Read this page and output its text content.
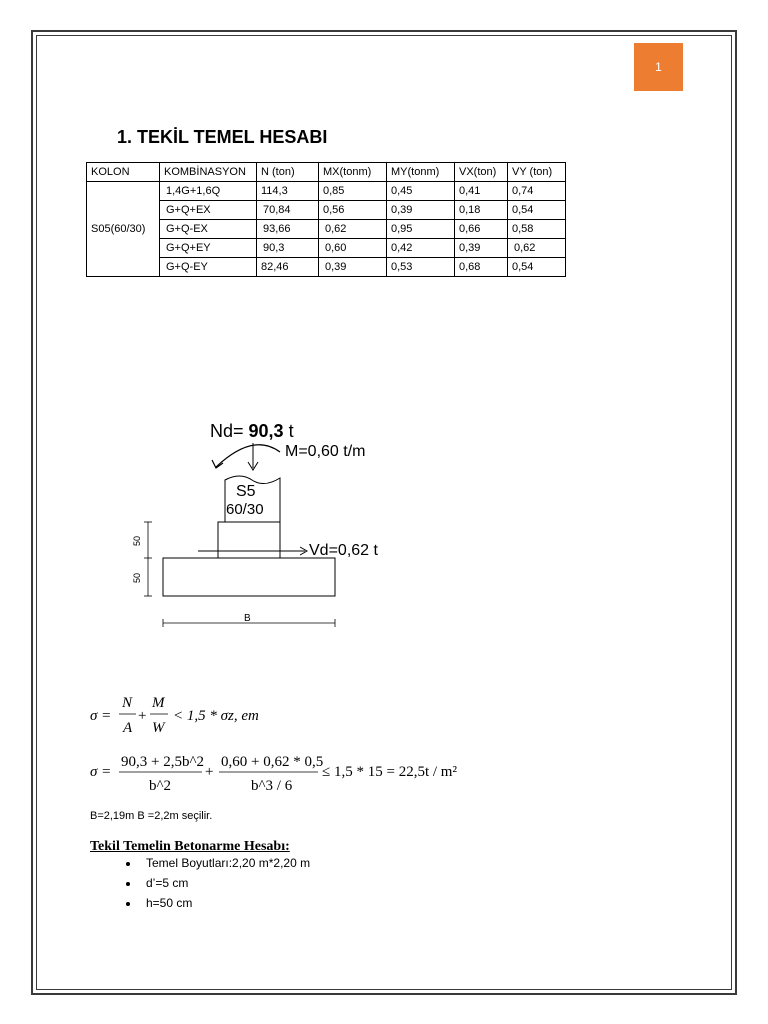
1
1. TEKİL TEMEL HESABI
KOLON	KOMBİNASYON	N (ton)	MX(tonm)	MY(tonm)	VX(ton)	VY (ton)
S05(60/30)	1,4G+1,6Q	114,3	0,85	0,45	0,41	0,74
	G+Q+EX	70,84	0,56	0,39	0,18	0,54
	G+Q-EX	93,66	0,62	0,95	0,66	0,58
	G+Q+EY	90,3	0,60	0,42	0,39	0,62
	G+Q-EY	82,46	0,39	0,53	0,68	0,54
Nd= 90,3 t
M=0,60 t/m
S5
60/30
Vd=0,62 t
50
50
B
σ =
N
A
+
M
W
< 1,5 * σz, em
σ =
90,3 + 2,5b^2
b^2
+
0,60 + 0,62 * 0,5
b^3 / 6
≤ 1,5 * 15 = 22,5t / m²
B=2,19m B =2,2m seçilir.
Tekil Temelin Betonarme Hesabı:
• Temel Boyutları:2,20 m*2,20 m
• d’=5 cm
• h=50 cm
